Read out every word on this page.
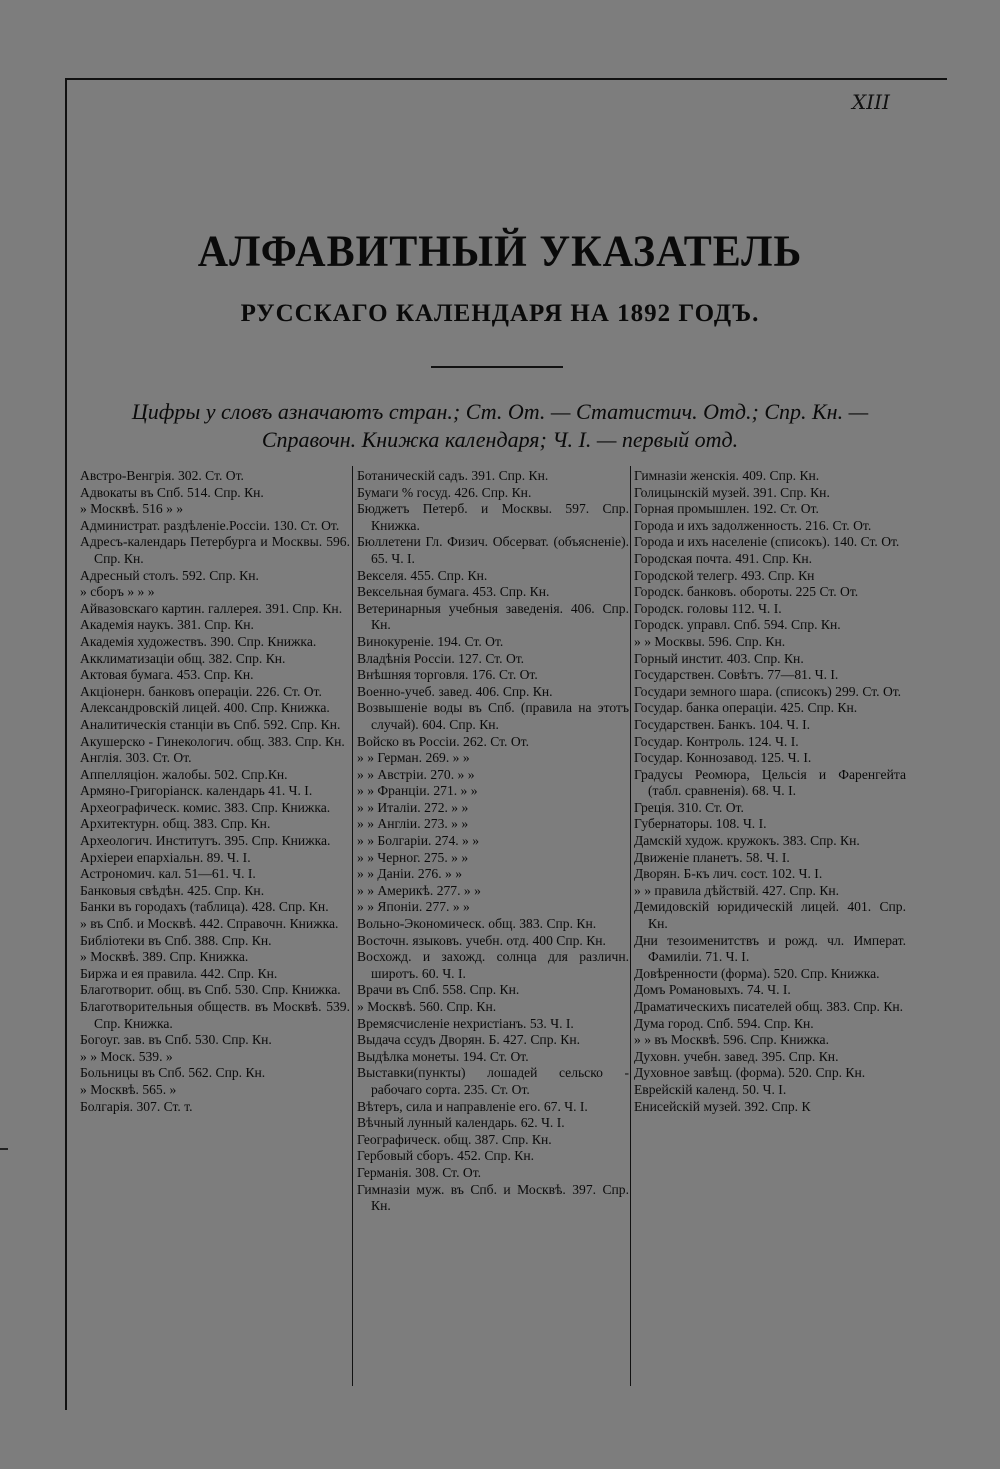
XIII
АЛФАВИТНЫЙ УКАЗАТЕЛЬ
РУССКАГО КАЛЕНДАРЯ НА 1892 ГОДЪ.
Цифры у словъ азначаютъ стран.; Ст. От. — Статистич. Отд.; Спр. Кн. —
Справочн. Книжка календаря; Ч. I. — первый отд.
Австро-Венгрія. 302. Ст. От.
Адвокаты въ Спб. 514. Спр. Кн.
» Москвѣ. 516 » »
Администрат. раздѣленіе.Россіи. 130. Ст. От.
Адресъ-календарь Петербурга и Москвы. 596. Спр. Кн.
Адресный столъ. 592. Спр. Кн.
» сборъ » » »
Айвазовскаго картин. галлерея. 391. Спр. Кн.
Академія наукъ. 381. Спр. Кн.
Академія художествъ. 390. Спр. Книжка.
Акклиматизаціи общ. 382. Спр. Кн.
Актовая бумага. 453. Спр. Кн.
Акціонерн. банковъ операціи. 226. Ст. От.
Александровскій лицей. 400. Спр. Книжка.
Аналитическія станціи въ Спб. 592. Спр. Кн.
Акушерско - Гинекологич. общ. 383. Спр. Кн.
Англія. 303. Ст. От.
Аппелляціон. жалобы. 502. Спр.Кн.
Армяно-Григоріанск. календарь 41. Ч. I.
Археографическ. комис. 383. Спр. Книжка.
Архитектурн. общ. 383. Спр. Кн.
Археологич. Институтъ. 395. Спр. Книжка.
Архіереи епархіальн. 89. Ч. I.
Астрономич. кал. 51—61. Ч. I.
Банковыя свѣдѣн. 425. Спр. Кн.
Банки въ городахъ (таблица). 428. Спр. Кн.
» въ Спб. и Москвѣ. 442. Справочн. Книжка.
Библіотеки въ Спб. 388. Спр. Кн.
» Москвѣ. 389. Спр. Книжка.
Биржа и ея правила. 442. Спр. Кн.
Благотворит. общ. въ Спб. 530. Спр. Книжка.
Благотворительныя обществ. въ Москвѣ. 539. Спр. Книжка.
Богоуг. зав. въ Спб. 530. Спр. Кн.
» » Моск. 539. »
Больницы въ Спб. 562. Спр. Кн.
» Москвѣ. 565. »
Болгарія. 307. Ст. т.
Ботаническій садъ. 391. Спр. Кн.
Бумаги % госуд. 426. Спр. Кн.
Бюджетъ Петерб. и Москвы. 597. Спр. Книжка.
Бюллетени Гл. Физич. Обсерват. (объясненіе). 65. Ч. I.
Векселя. 455. Спр. Кн.
Вексельная бумага. 453. Спр. Кн.
Ветеринарныя учебныя заведенія. 406. Спр. Кн.
Винокуреніе. 194. Ст. От.
Владѣнія Россіи. 127. Ст. От.
Внѣшняя торговля. 176. Ст. От.
Военно-учеб. завед. 406. Спр. Кн.
Возвышеніе воды въ Спб. (правила на этотъ случай). 604. Спр. Кн.
Войско въ Россіи. 262. Ст. От.
» » Герман. 269. » »
» » Австріи. 270. » »
» » Франціи. 271. » »
» » Италіи. 272. » »
» » Англіи. 273. » »
» » Болгаріи. 274. » »
» » Черног. 275. » »
» » Даніи. 276. » »
» » Америкѣ. 277. » »
» » Японіи. 277. » »
Вольно-Экономическ. общ. 383. Спр. Кн.
Восточн. языковъ. учебн. отд. 400 Спр. Кн.
Восхожд. и захожд. солнца для различн. широтъ. 60. Ч. I.
Врачи въ Спб. 558. Спр. Кн.
» Москвѣ. 560. Спр. Кн.
Времясчисленіе нехристіанъ. 53. Ч. I.
Выдача ссудъ Дворян. Б. 427. Спр. Кн.
Выдѣлка монеты. 194. Ст. От.
Выставки(пункты) лошадей сельско - рабочаго сорта. 235. Ст. От.
Вѣтеръ, сила и направленіе его. 67. Ч. I.
Вѣчный лунный календарь. 62. Ч. I.
Географическ. общ. 387. Спр. Кн.
Гербовый сборъ. 452. Спр. Кн.
Германія. 308. Ст. От.
Гимназіи муж. въ Спб. и Москвѣ. 397. Спр. Кн.
Гимназіи женскія. 409. Спр. Кн.
Голицынскій музей. 391. Спр. Кн.
Горная промышлен. 192. Ст. От.
Города и ихъ задолженность. 216. Ст. От.
Города и ихъ населеніе (списокъ). 140. Ст. От.
Городская почта. 491. Спр. Кн.
Городской телегр. 493. Спр. Кн
Городск. банковъ. обороты. 225 Ст. От.
Городск. головы 112. Ч. I.
Городск. управл. Спб. 594. Спр. Кн.
» » Москвы. 596. Спр. Кн.
Горный инстит. 403. Спр. Кн.
Государствен. Совѣтъ. 77—81. Ч. I.
Государи земного шара. (списокъ) 299. Ст. От.
Государ. банка операціи. 425. Спр. Кн.
Государствен. Банкъ. 104. Ч. I.
Государ. Контроль. 124. Ч. I.
Государ. Коннозавод. 125. Ч. I.
Градусы Реомюра, Цельсія и Фаренгейта (табл. сравненія). 68. Ч. I.
Греція. 310. Ст. От.
Губернаторы. 108. Ч. I.
Дамскій худож. кружокъ. 383. Спр. Кн.
Движеніе планетъ. 58. Ч. I.
Дворян. Б-къ лич. сост. 102. Ч. I.
» » правила дѣйствій. 427. Спр. Кн.
Демидовскій юридическій лицей. 401. Спр. Кн.
Дни тезоименитствъ и рожд. чл. Императ. Фамиліи. 71. Ч. I.
Довѣренности (форма). 520. Спр. Книжка.
Домъ Романовыхъ. 74. Ч. I.
Драматическихъ писателей общ. 383. Спр. Кн.
Дума город. Спб. 594. Спр. Кн.
» » въ Москвѣ. 596. Спр. Книжка.
Духовн. учебн. завед. 395. Спр. Кн.
Духовное завѣщ. (форма). 520. Спр. Кн.
Еврейскій календ. 50. Ч. I.
Енисейскій музей. 392. Спр. К
